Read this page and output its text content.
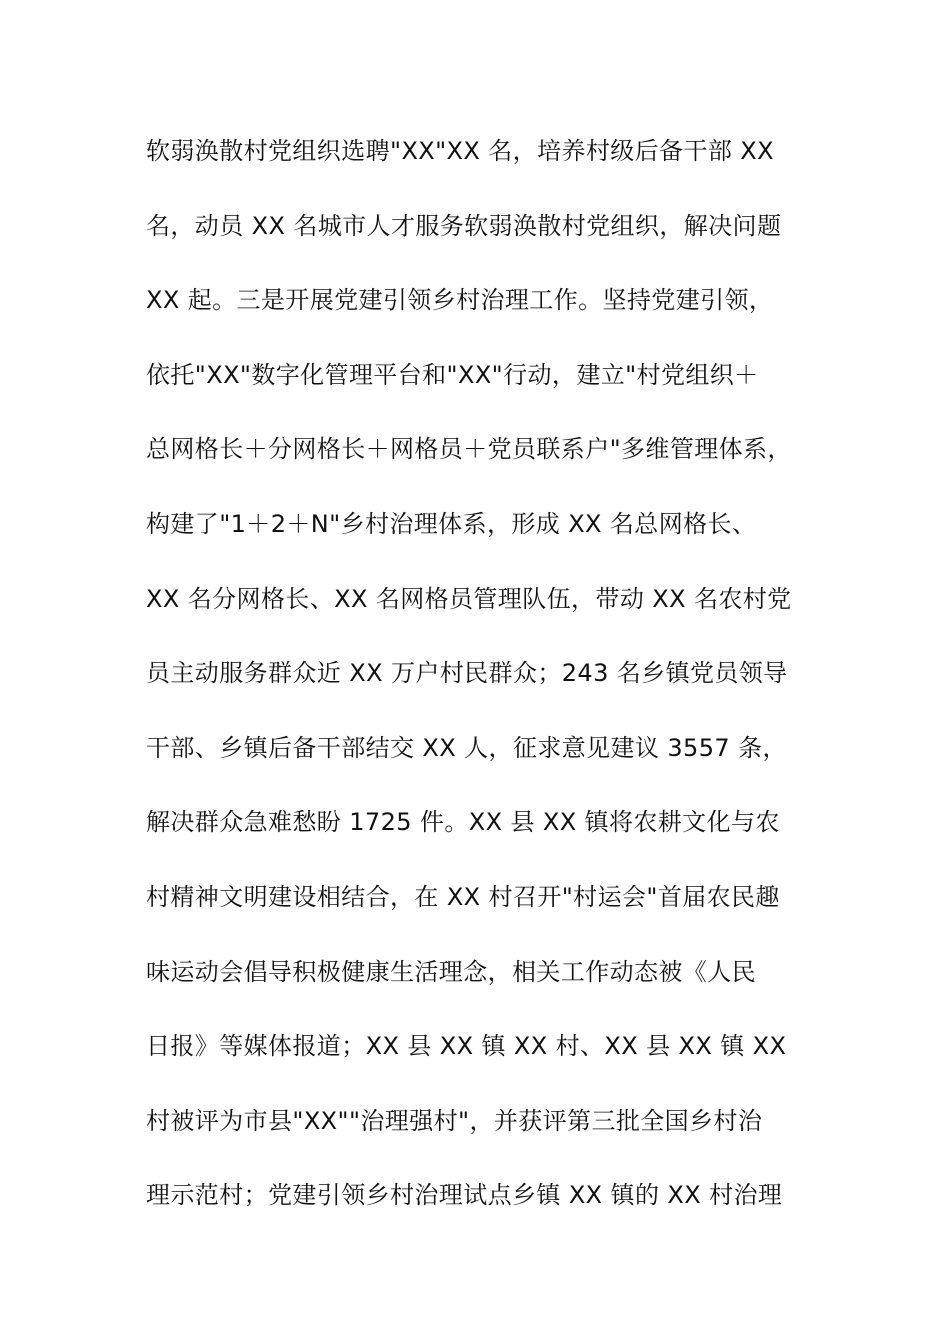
软弱涣散村党组织选聘"XX"XX 名，培养村级后备干部 XX
名，动员 XX 名城市人才服务软弱涣散村党组织，解决问题
XX 起。三是开展党建引领乡村治理工作。坚持党建引领，
依托"XX"数字化管理平台和"XX"行动，建立"村党组织＋
总网格长＋分网格长＋网格员＋党员联系户"多维管理体系，
构建了"1＋2＋N"乡村治理体系，形成 XX 名总网格长、
XX 名分网格长、XX 名网格员管理队伍，带动 XX 名农村党
员主动服务群众近 XX 万户村民群众；243 名乡镇党员领导
干部、乡镇后备干部结交 XX 人，征求意见建议 3557 条，
解决群众急难愁盼 1725 件。XX 县 XX 镇将农耕文化与农
村精神文明建设相结合，在 XX 村召开"村运会"首届农民趣
味运动会倡导积极健康生活理念，相关工作动态被《人民
日报》等媒体报道；XX 县 XX 镇 XX 村、XX 县 XX 镇 XX
村被评为市县"XX""治理强村"，并获评第三批全国乡村治
理示范村；党建引领乡村治理试点乡镇 XX 镇的 XX 村治理
